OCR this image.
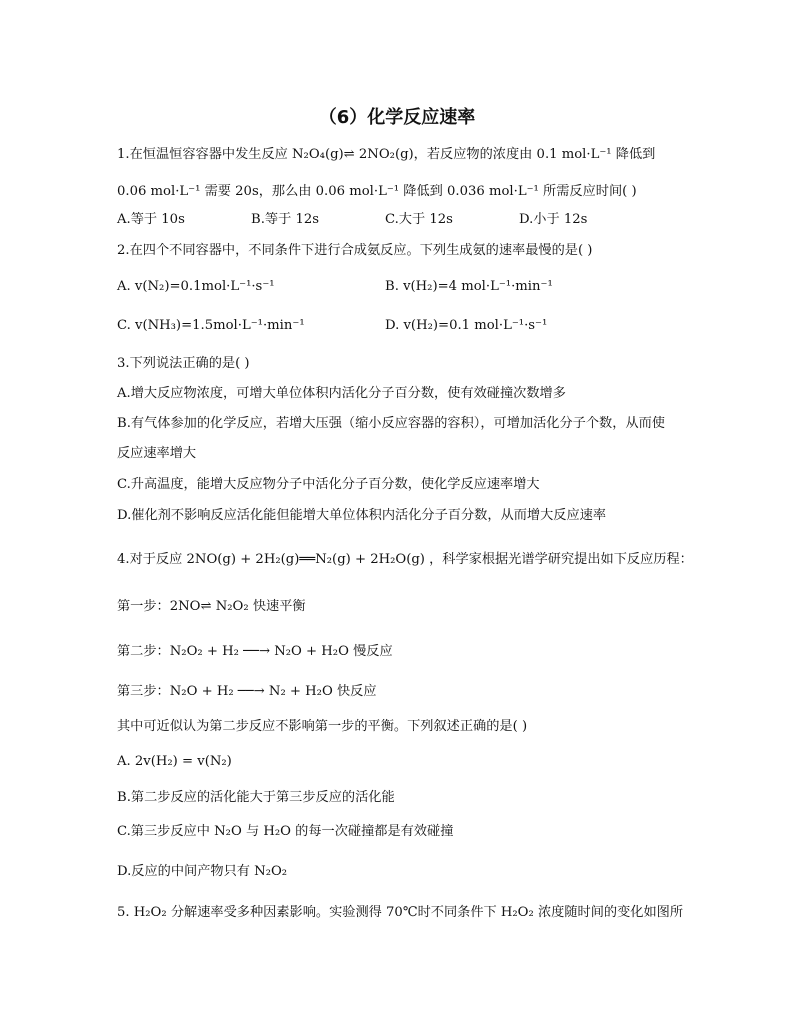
（6）化学反应速率
1.在恒温恒容容器中发生反应 N₂O₄(g)⇌ 2NO₂(g)，若反应物的浓度由 0.1 mol·L⁻¹ 降低到
0.06 mol·L⁻¹ 需要 20s，那么由 0.06 mol·L⁻¹ 降低到 0.036 mol·L⁻¹ 所需反应时间( )
A.等于 10s	B.等于 12s	C.大于 12s	D.小于 12s
2.在四个不同容器中，不同条件下进行合成氨反应。下列生成氨的速率最慢的是( )
A. v(N₂)=0.1mol·L⁻¹·s⁻¹	B. v(H₂)=4 mol·L⁻¹·min⁻¹
C. v(NH₃)=1.5mol·L⁻¹·min⁻¹	D. v(H₂)=0.1 mol·L⁻¹·s⁻¹
3.下列说法正确的是( )
A.增大反应物浓度，可增大单位体积内活化分子百分数，使有效碰撞次数增多
B.有气体参加的化学反应，若增大压强（缩小反应容器的容积），可增加活化分子个数，从而使
反应速率增大
C.升高温度，能增大反应物分子中活化分子百分数，使化学反应速率增大
D.催化剂不影响反应活化能但能增大单位体积内活化分子百分数，从而增大反应速率
4.对于反应 2NO(g) + 2H₂(g)══N₂(g) + 2H₂O(g) ，科学家根据光谱学研究提出如下反应历程：
第一步：2NO⇌ N₂O₂ 快速平衡
第二步：N₂O₂ + H₂ ──→ N₂O + H₂O 慢反应
第三步：N₂O + H₂ ──→ N₂ + H₂O 快反应
其中可近似认为第二步反应不影响第一步的平衡。下列叙述正确的是( )
A. 2v(H₂) = v(N₂)
B.第二步反应的活化能大于第三步反应的活化能
C.第三步反应中 N₂O 与 H₂O 的每一次碰撞都是有效碰撞
D.反应的中间产物只有 N₂O₂
5. H₂O₂ 分解速率受多种因素影响。实验测得 70℃时不同条件下 H₂O₂ 浓度随时间的变化如图所
